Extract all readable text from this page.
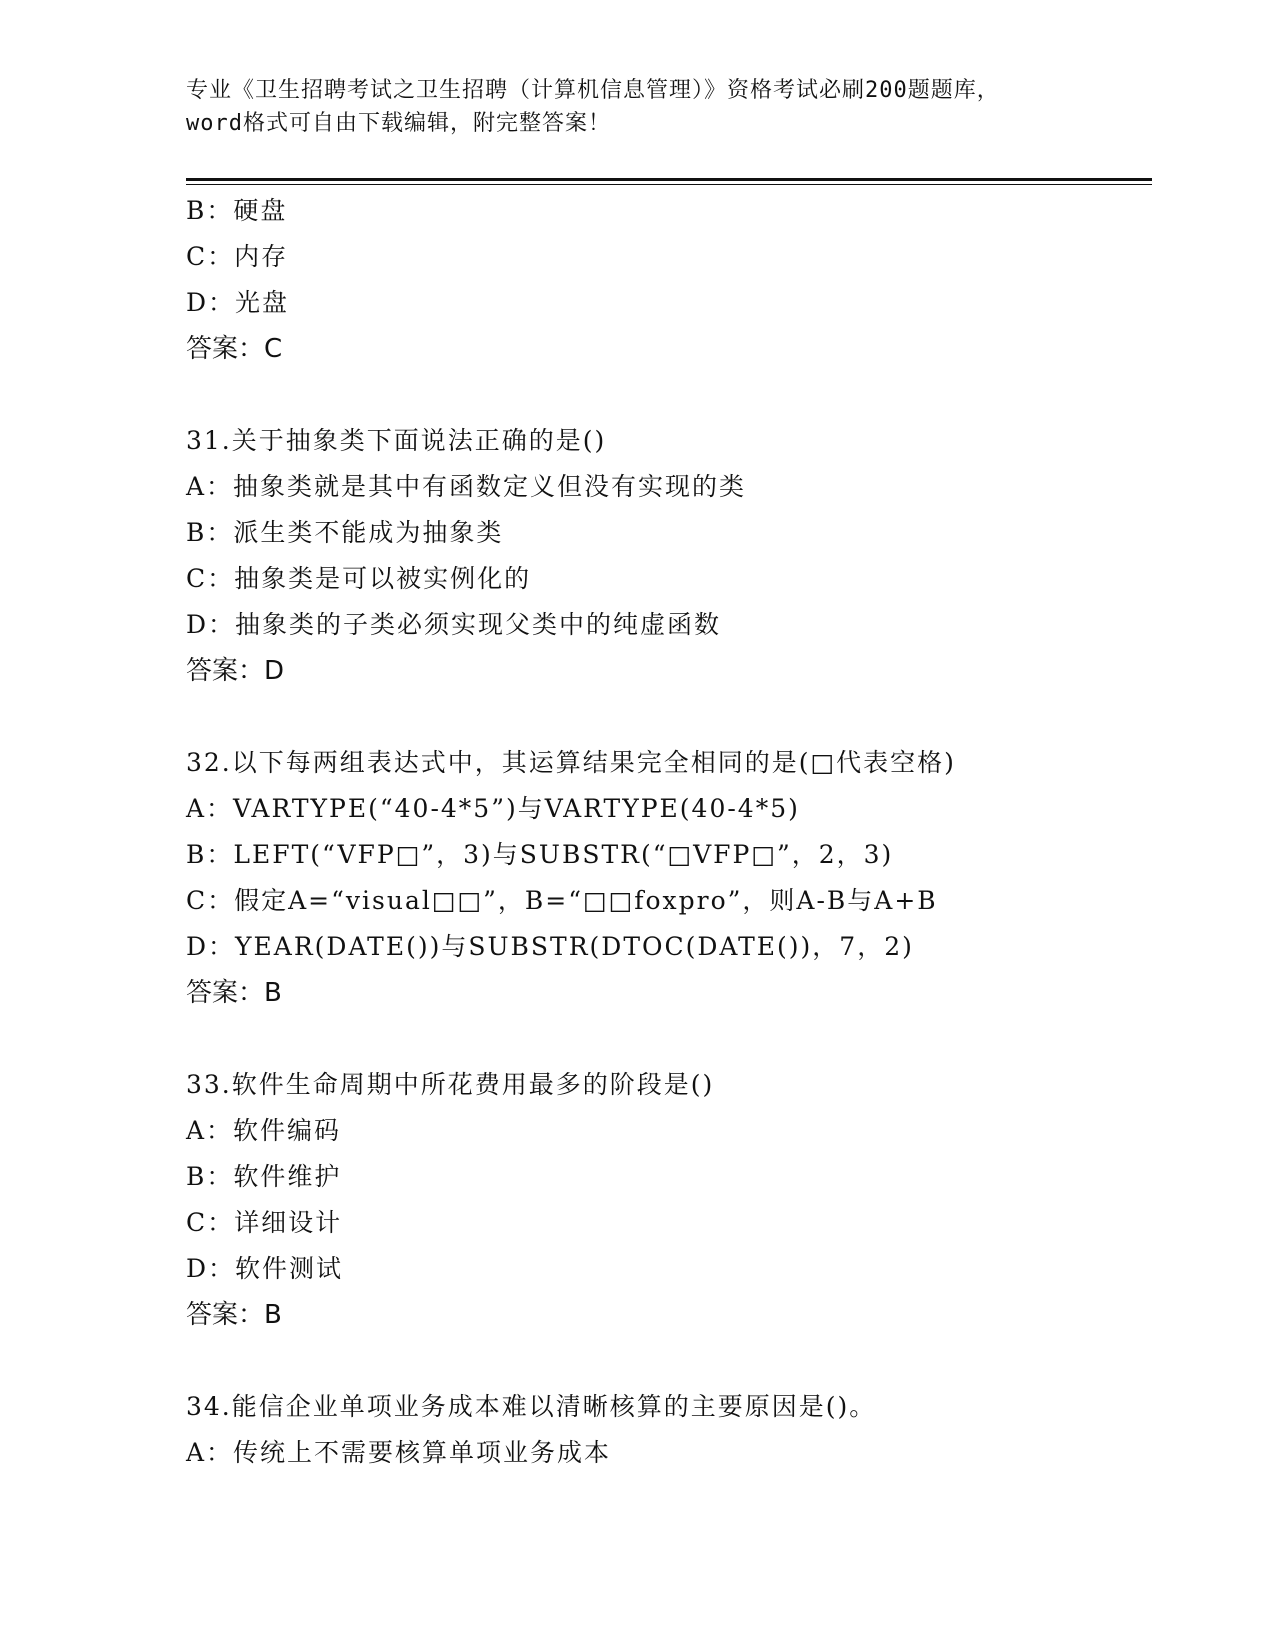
专业《卫生招聘考试之卫生招聘（计算机信息管理）》资格考试必刷200题题库，
word格式可自由下载编辑，附完整答案！
B：硬盘
C：内存
D：光盘
答案：C
31.关于抽象类下面说法正确的是()
A：抽象类就是其中有函数定义但没有实现的类
B：派生类不能成为抽象类
C：抽象类是可以被实例化的
D：抽象类的子类必须实现父类中的纯虚函数
答案：D
32.以下每两组表达式中，其运算结果完全相同的是(□代表空格)
A：VARTYPE(“40-4*5”)与VARTYPE(40-4*5)
B：LEFT(“VFP□”，3)与SUBSTR(“□VFP□”，2，3)
C：假定A=“visual□□”，B=“□□foxpro”，则A-B与A+B
D：YEAR(DATE())与SUBSTR(DTOC(DATE())，7，2)
答案：B
33.软件生命周期中所花费用最多的阶段是()
A：软件编码
B：软件维护
C：详细设计
D：软件测试
答案：B
34.能信企业单项业务成本难以清晰核算的主要原因是()。
A：传统上不需要核算单项业务成本
